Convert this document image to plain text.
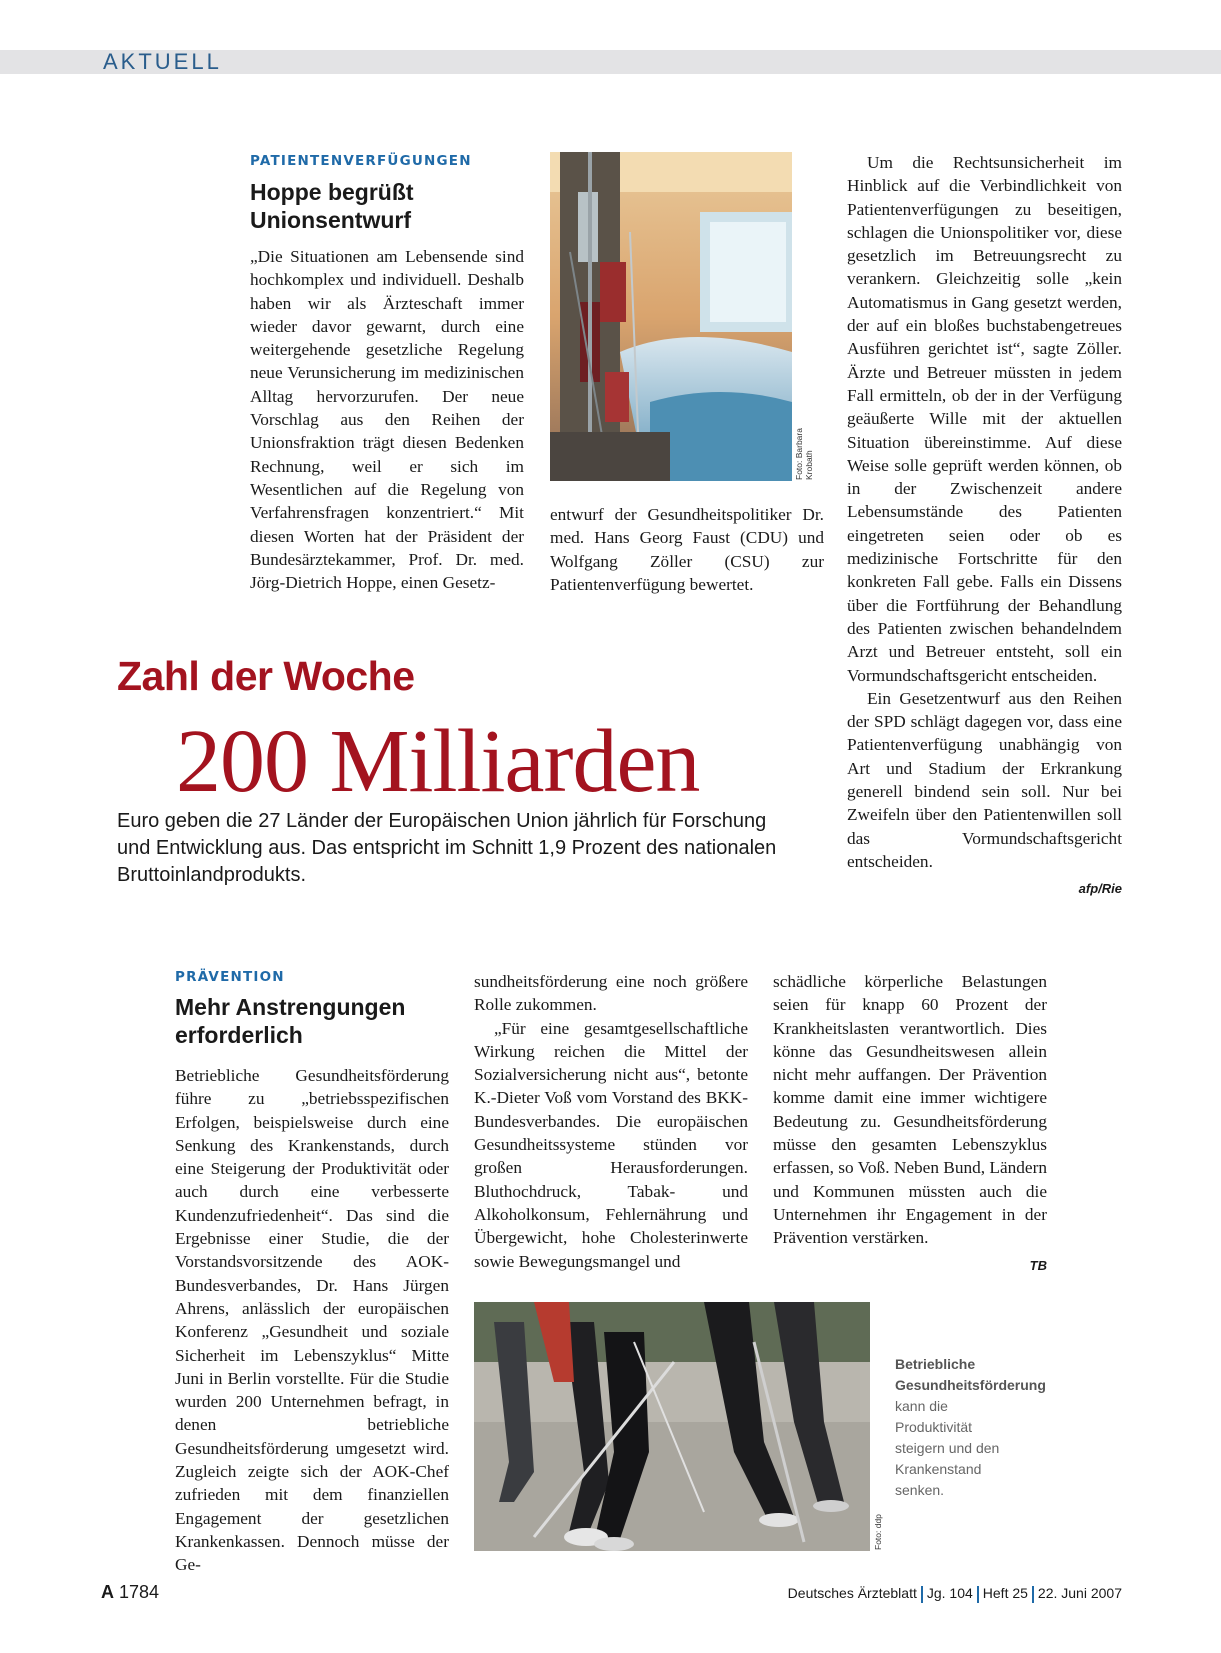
AKTUELL
PATIENTENVERFÜGUNGEN
Hoppe begrüßt Unionsentwurf

„Die Situationen am Lebensende sind hochkomplex und individuell. Deshalb haben wir als Ärzteschaft immer wieder davor gewarnt, durch eine weitergehende gesetzliche Regelung neue Verunsicherung im medizinischen Alltag hervorzurufen. Der neue Vorschlag aus den Reihen der Unionsfraktion trägt diesen Bedenken Rechnung, weil er sich im Wesentlichen auf die Regelung von Verfahrensfragen konzentriert.“ Mit diesen Worten hat der Präsident der Bundesärztekammer, Prof. Dr. med. Jörg-Dietrich Hoppe, einen Gesetz-

Foto: Barbara Krobath

entwurf der Gesundheitspolitiker Dr. med. Hans Georg Faust (CDU) und Wolfgang Zöller (CSU) zur Patientenverfügung bewertet.

Um die Rechtsunsicherheit im Hinblick auf die Verbindlichkeit von Patientenverfügungen zu beseitigen, schlagen die Unionspolitiker vor, diese gesetzlich im Betreuungsrecht zu verankern. Gleichzeitig solle „kein Automatismus in Gang gesetzt werden, der auf ein bloßes buchstabengetreues Ausführen gerichtet ist“, sagte Zöller. Ärzte und Betreuer müssten in jedem Fall ermitteln, ob der in der Verfügung geäußerte Wille mit der aktuellen Situation übereinstimme. Auf diese Weise solle geprüft werden können, ob in der Zwischenzeit andere Lebensumstände des Patienten eingetreten seien oder ob es medizinische Fortschritte für den konkreten Fall gebe. Falls ein Dissens über die Fortführung der Behandlung des Patienten zwischen behandelndem Arzt und Betreuer entsteht, soll ein Vormundschaftsgericht entscheiden.

Ein Gesetzentwurf aus den Reihen der SPD schlägt dagegen vor, dass eine Patientenverfügung unabhängig von Art und Stadium der Erkrankung generell bindend sein soll. Nur bei Zweifeln über den Patientenwillen soll das Vormundschaftsgericht entscheiden.

afp/Rie
Zahl der Woche
200 Milliarden
Euro geben die 27 Länder der Europäischen Union jährlich für Forschung und Entwicklung aus. Das entspricht im Schnitt 1,9 Prozent des nationalen Bruttoinlandprodukts.
PRÄVENTION
Mehr Anstrengungen erforderlich

Betriebliche Gesundheitsförderung führe zu „betriebsspezifischen Erfolgen, beispielsweise durch eine Senkung des Krankenstands, durch eine Steigerung der Produktivität oder auch durch eine verbesserte Kundenzufriedenheit“. Das sind die Ergebnisse einer Studie, die der Vorstandsvorsitzende des AOK-Bundesverbandes, Dr. Hans Jürgen Ahrens, anlässlich der europäischen Konferenz „Gesundheit und soziale Sicherheit im Lebenszyklus“ Mitte Juni in Berlin vorstellte. Für die Studie wurden 200 Unternehmen befragt, in denen betriebliche Gesundheitsförderung umgesetzt wird. Zugleich zeigte sich der AOK-Chef zufrieden mit dem finanziellen Engagement der gesetzlichen Krankenkassen. Dennoch müsse der Ge-

sundheitsförderung eine noch größere Rolle zukommen.

„Für eine gesamtgesellschaftliche Wirkung reichen die Mittel der Sozialversicherung nicht aus“, betonte K.-Dieter Voß vom Vorstand des BKK-Bundesverbandes. Die europäischen Gesundheitssysteme stünden vor großen Herausforderungen. Bluthochdruck, Tabak- und Alkoholkonsum, Fehlernährung und Übergewicht, hohe Cholesterinwerte sowie Bewegungsmangel und

schädliche körperliche Belastungen seien für knapp 60 Prozent der Krankheitslasten verantwortlich. Dies könne das Gesundheitswesen allein nicht mehr auffangen. Der Prävention komme damit eine immer wichtigere Bedeutung zu. Gesundheitsförderung müsse den gesamten Lebenszyklus erfassen, so Voß. Neben Bund, Ländern und Kommunen müssten auch die Unternehmen ihr Engagement in der Prävention verstärken.

TB
Foto: ddp
Betriebliche Gesundheitsförderung kann die Produktivität steigern und den Krankenstand senken.
A 1784	Deutsches Ärzteblatt Jg. 104 Heft 25 22. Juni 2007
